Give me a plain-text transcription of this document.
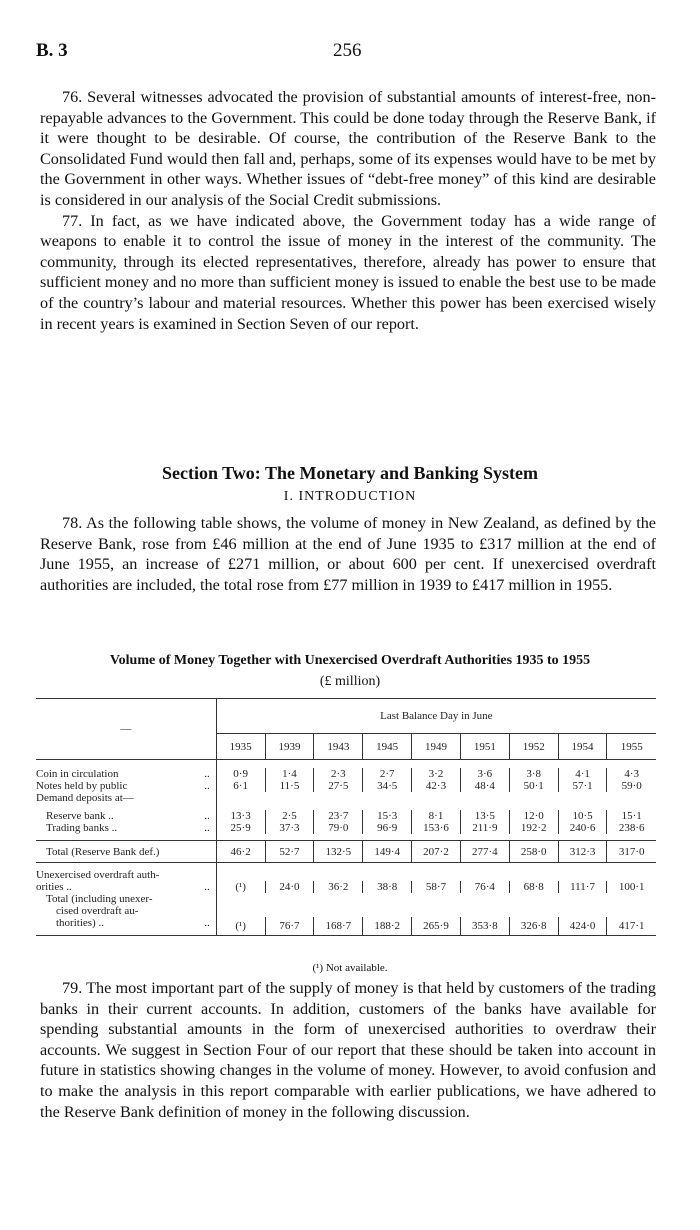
B. 3	256

76. Several witnesses advocated the provision of substantial amounts of interest-free, non-repayable advances to the Government. This could be done today through the Reserve Bank, if it were thought to be desirable. Of course, the contribution of the Reserve Bank to the Consolidated Fund would then fall and, perhaps, some of its expenses would have to be met by the Government in other ways. Whether issues of “debt-free money” of this kind are desirable is considered in our analysis of the Social Credit submissions.

77. In fact, as we have indicated above, the Government today has a wide range of weapons to enable it to control the issue of money in the interest of the community. The community, through its elected representatives, therefore, already has power to ensure that sufficient money and no more than sufficient money is issued to enable the best use to be made of the country’s labour and material resources. Whether this power has been exercised wisely in recent years is examined in Section Seven of our report.

Section Two: The Monetary and Banking System
I. INTRODUCTION

78. As the following table shows, the volume of money in New Zealand, as defined by the Reserve Bank, rose from £46 million at the end of June 1935 to £317 million at the end of June 1955, an increase of £271 million, or about 600 per cent. If unexercised overdraft authorities are included, the total rose from £77 million in 1939 to £417 million in 1955.

Volume of Money Together with Unexercised Overdraft Authorities 1935 to 1955
(£ million)
—	Last Balance Day in June								
	1935	1939	1943	1945	1949	1951	1952	1954	1955

Coin in circulation ..	0·9	1·4	2·3	2·7	3·2	3·6	3·8	4·1	4·3
Notes held by public ..	6·1	11·5	27·5	34·5	42·3	48·4	50·1	57·1	59·0
Demand deposits at—									

Reserve bank .. ..	13·3	2·5	23·7	15·3	8·1	13·5	12·0	10·5	15·1
Trading banks .. ..	25·9	37·3	79·0	96·9	153·6	211·9	192·2	240·6	238·6

Total (Reserve Bank def.)	46·2	52·7	132·5	149·4	207·2	277·4	258·0	312·3	317·0

Unexercised overdraft auth-									
orities .. ..	(¹)	24·0	36·2	38·8	58·7	76·4	68·8	111·7	100·1
Total (including unexer-									
cised overdraft au-									
thorities) .. ..	(¹)	76·7	168·7	188·2	265·9	353·8	326·8	424·0	417·1
(¹) Not available.

79. The most important part of the supply of money is that held by customers of the trading banks in their current accounts. In addition, customers of the banks have available for spending substantial amounts in the form of unexercised authorities to overdraw their accounts. We suggest in Section Four of our report that these should be taken into account in future in statistics showing changes in the volume of money. However, to avoid confusion and to make the analysis in this report comparable with earlier publications, we have adhered to the Reserve Bank definition of money in the following discussion.
